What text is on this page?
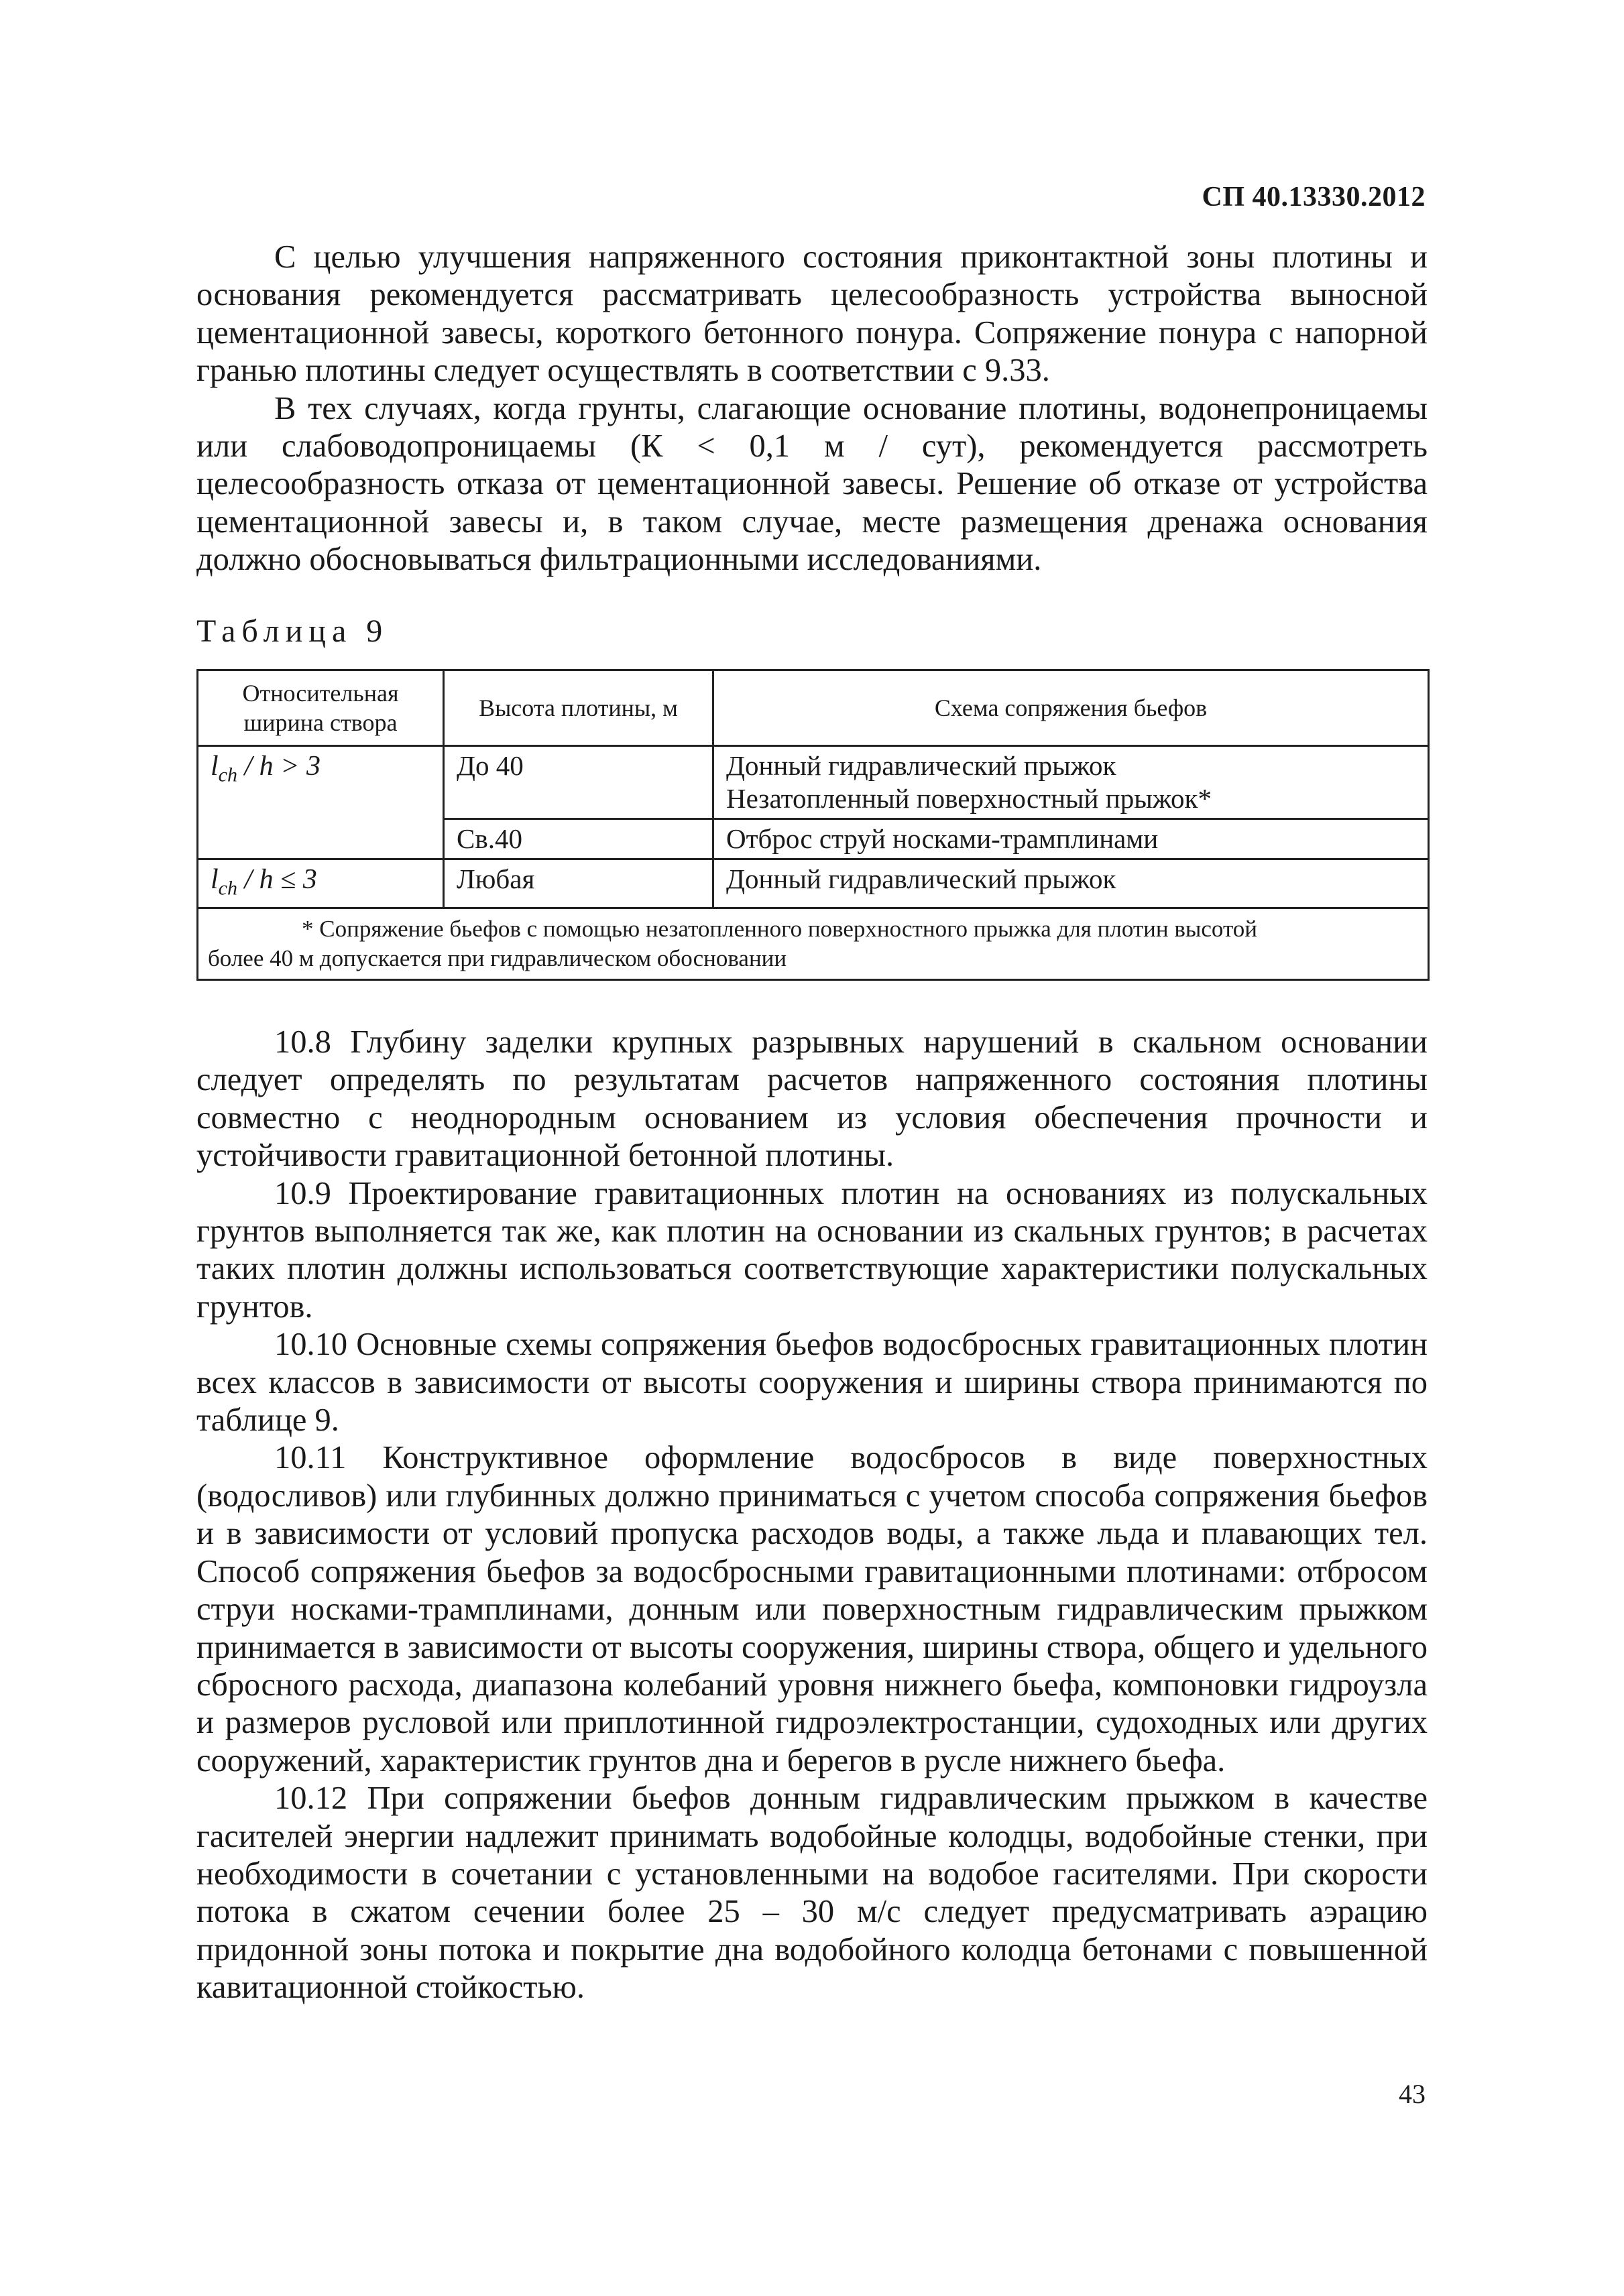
СП 40.13330.2012

С целью улучшения напряженного состояния приконтактной зоны плотины и основания рекомендуется рассматривать целесообразность устройства выносной цементационной завесы, короткого бетонного понура. Сопряжение понура с напорной гранью плотины следует осуществлять в соответствии с 9.33.

В тех случаях, когда грунты, слагающие основание плотины, водонепроницаемы или слабоводопроницаемы (К < 0,1 м / сут), рекомендуется рассмотреть целесообразность отказа от цементационной завесы. Решение об отказе от устройства цементационной завесы и, в таком случае, месте размещения дренажа основания должно обосновываться фильтрационными исследованиями.

Таблица 9
Относительная ширина створа	Высота плотины, м	Схема сопряжения бьефов
$l_{ch} / h > 3$	До 40	Донный гидравлический прыжок
Незатопленный поверхностный прыжок*

	Св.40	Отброс струй носками-трамплинами
$l_{ch} / h \le 3$	Любая	Донный гидравлический прыжок

* Сопряжение бьефов с помощью незатопленного поверхностного прыжка для плотин высотой
более 40 м допускается при гидравлическом обосновании		

10.8 Глубину заделки крупных разрывных нарушений в скальном основании следует определять по результатам расчетов напряженного состояния плотины совместно с неоднородным основанием из условия обеспечения прочности и устойчивости гравитационной бетонной плотины.

10.9 Проектирование гравитационных плотин на основаниях из полускальных грунтов выполняется так же, как плотин на основании из скальных грунтов; в расчетах таких плотин должны использоваться соответствующие характеристики полускальных грунтов.

10.10 Основные схемы сопряжения бьефов водосбросных гравитационных плотин всех классов в зависимости от высоты сооружения и ширины створа принимаются по таблице 9.

10.11 Конструктивное оформление водосбросов в виде поверхностных (водосливов) или глубинных должно приниматься с учетом способа сопряжения бьефов и в зависимости от условий пропуска расходов воды, а также льда и плавающих тел. Способ сопряжения бьефов за водосбросными гравитационными плотинами: отбросом струи носками-трамплинами, донным или поверхностным гидравлическим прыжком принимается в зависимости от высоты сооружения, ширины створа, общего и удельного сбросного расхода, диапазона колебаний уровня нижнего бьефа, компоновки гидроузла и размеров русловой или приплотинной гидроэлектростанции, судоходных или других сооружений, характеристик грунтов дна и берегов в русле нижнего бьефа.

10.12 При сопряжении бьефов донным гидравлическим прыжком в качестве гасителей энергии надлежит принимать водобойные колодцы, водобойные стенки, при необходимости в сочетании с установленными на водобое гасителями. При скорости потока в сжатом сечении более 25 – 30 м/с следует предусматривать аэрацию придонной зоны потока и покрытие дна водобойного колодца бетонами с повышенной кавитационной стойкостью.

43
